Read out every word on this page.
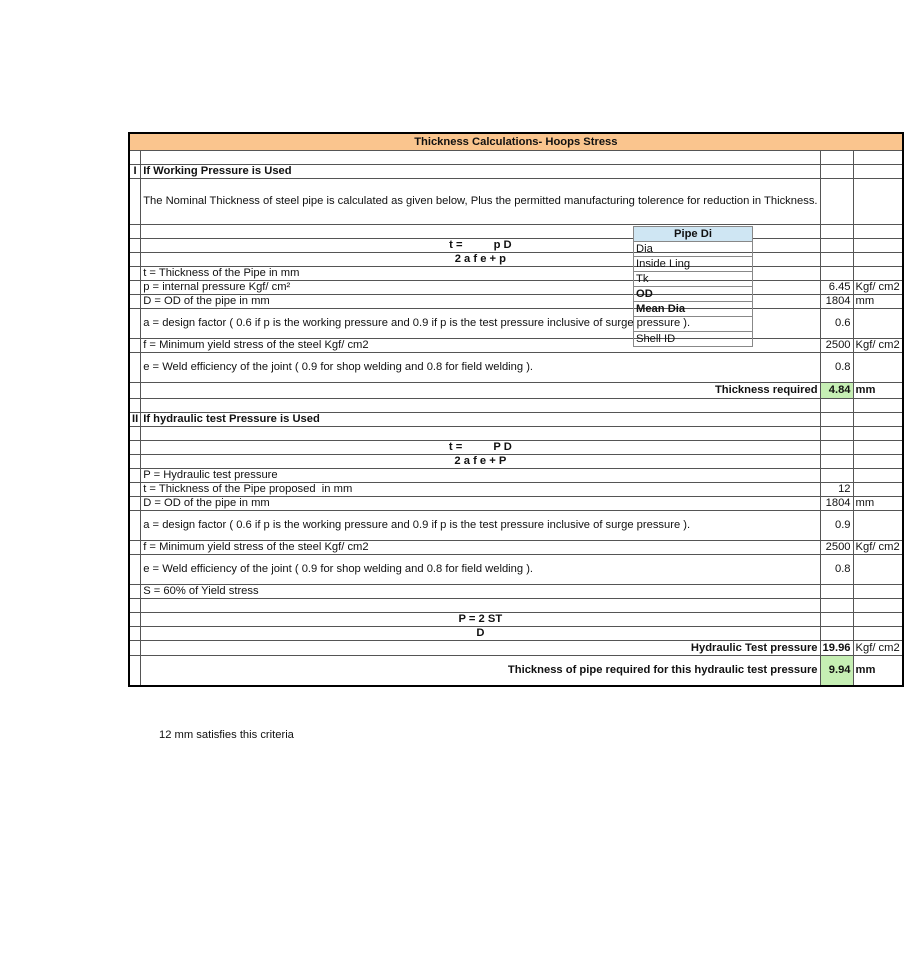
Thickness Calculations- Hoops Stress			

I	If Working Pressure is Used		
	The Nominal Thickness of steel pipe is calculated as given below, Plus the permitted manufacturing tolerence for reduction in Thickness.		

	t =          p D		
	2 a f e + p		
	t = Thickness of the Pipe in mm		
	p = internal pressure Kgf/ cm²	6.45	Kgf/ cm2
	D = OD of the pipe in mm	1804	mm
	a = design factor ( 0.6 if p is the working pressure and 0.9 if p is the test pressure inclusive of surge pressure ).	0.6	
	f = Minimum yield stress of the steel Kgf/ cm2	2500	Kgf/ cm2
	e = Weld efficiency of the joint ( 0.9 for shop welding and 0.8 for field welding ).	0.8	
	Thickness required	4.84	mm

II	If hydraulic test Pressure is Used		

	t =          P D		
	2 a f e + P		
	P = Hydraulic test pressure		
	t = Thickness of the Pipe proposed  in mm	12	
	D = OD of the pipe in mm	1804	mm
	a = design factor ( 0.6 if p is the working pressure and 0.9 if p is the test pressure inclusive of surge pressure ).	0.9	
	f = Minimum yield stress of the steel Kgf/ cm2	2500	Kgf/ cm2
	e = Weld efficiency of the joint ( 0.9 for shop welding and 0.8 for field welding ).	0.8	
	S = 60% of Yield stress		

	P = 2 ST		
	D		
	Hydraulic Test pressure	19.96	Kgf/ cm2
	Thickness of pipe required for this hydraulic test pressure	9.94	mm
12 mm satisfies this criteria
Pipe Di
Dia
Inside Ling
Tk
OD
Mean Dia

Shell ID
